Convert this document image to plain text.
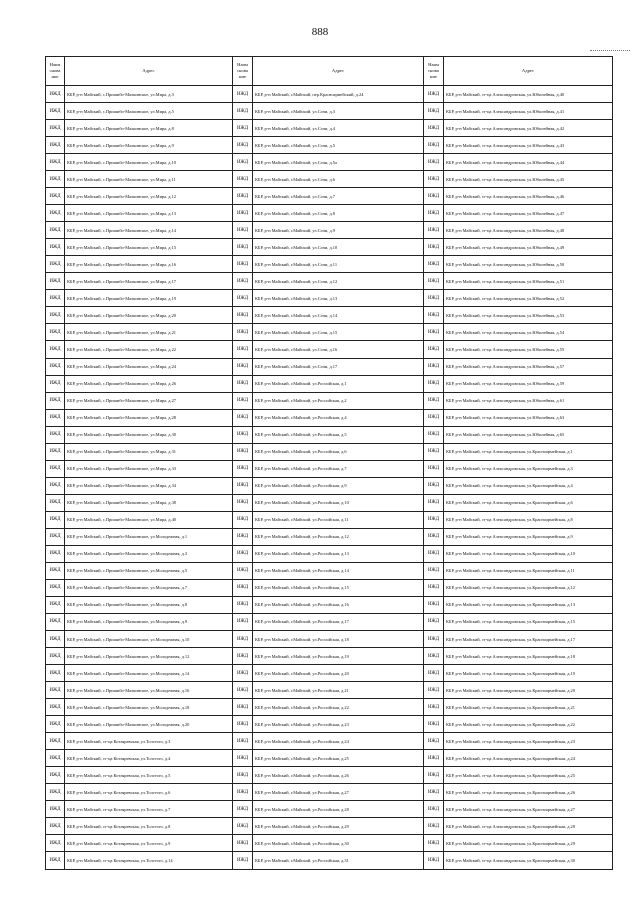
888
Наим снова ние	Адрес	Наим снова ние	Адрес	Наим снова ние	Адрес
ИЖД	КБР, р-н Майский, с.Пришибо-Малкинское, ул.Мира, д.3	ИЖД	КБР, р-н Майский, г.Майский, пер.Красноармейский, д.24	ИЖД	КБР, р-н Майский, ст-ца Александровская, ул.Юбилейная, д.40
ИЖД	КБР, р-н Майский, с.Пришибо-Малкинское, ул.Мира, д.5	ИЖД	КБР, р-н Майский, г.Майский, ул.Сочи, д.3	ИЖД	КБР, р-н Майский, ст-ца Александровская, ул.Юбилейная, д.41
ИЖД	КБР, р-н Майский, с.Пришибо-Малкинское, ул.Мира, д.8	ИЖД	КБР, р-н Майский, г.Майский, ул.Сочи, д.4	ИЖД	КБР, р-н Майский, ст-ца Александровская, ул.Юбилейная, д.42
ИЖД	КБР, р-н Майский, с.Пришибо-Малкинское, ул.Мира, д.9	ИЖД	КБР, р-н Майский, г.Майский, ул.Сочи, д.5	ИЖД	КБР, р-н Майский, ст-ца Александровская, ул.Юбилейная, д.43
ИЖД	КБР, р-н Майский, с.Пришибо-Малкинское, ул.Мира, д.10	ИЖД	КБР, р-н Майский, г.Майский, ул.Сочи, д.5а	ИЖД	КБР, р-н Майский, ст-ца Александровская, ул.Юбилейная, д.44
ИЖД	КБР, р-н Майский, с.Пришибо-Малкинское, ул.Мира, д.11	ИЖД	КБР, р-н Майский, г.Майский, ул.Сочи, д.6	ИЖД	КБР, р-н Майский, ст-ца Александровская, ул.Юбилейная, д.45
ИЖД	КБР, р-н Майский, с.Пришибо-Малкинское, ул.Мира, д.12	ИЖД	КБР, р-н Майский, г.Майский, ул.Сочи, д.7	ИЖД	КБР, р-н Майский, ст-ца Александровская, ул.Юбилейная, д.46
ИЖД	КБР, р-н Майский, с.Пришибо-Малкинское, ул.Мира, д.13	ИЖД	КБР, р-н Майский, г.Майский, ул.Сочи, д.8	ИЖД	КБР, р-н Майский, ст-ца Александровская, ул.Юбилейная, д.47
ИЖД	КБР, р-н Майский, с.Пришибо-Малкинское, ул.Мира, д.14	ИЖД	КБР, р-н Майский, г.Майский, ул.Сочи, д.9	ИЖД	КБР, р-н Майский, ст-ца Александровская, ул.Юбилейная, д.48
ИЖД	КБР, р-н Майский, с.Пришибо-Малкинское, ул.Мира, д.15	ИЖД	КБР, р-н Майский, г.Майский, ул.Сочи, д.10	ИЖД	КБР, р-н Майский, ст-ца Александровская, ул.Юбилейная, д.49
ИЖД	КБР, р-н Майский, с.Пришибо-Малкинское, ул.Мира, д.16	ИЖД	КБР, р-н Майский, г.Майский, ул.Сочи, д.11	ИЖД	КБР, р-н Майский, ст-ца Александровская, ул.Юбилейная, д.50
ИЖД	КБР, р-н Майский, с.Пришибо-Малкинское, ул.Мира, д.17	ИЖД	КБР, р-н Майский, г.Майский, ул.Сочи, д.12	ИЖД	КБР, р-н Майский, ст-ца Александровская, ул.Юбилейная, д.51
ИЖД	КБР, р-н Майский, с.Пришибо-Малкинское, ул.Мира, д.19	ИЖД	КБР, р-н Майский, г.Майский, ул.Сочи, д.13	ИЖД	КБР, р-н Майский, ст-ца Александровская, ул.Юбилейная, д.52
ИЖД	КБР, р-н Майский, с.Пришибо-Малкинское, ул.Мира, д.20	ИЖД	КБР, р-н Майский, г.Майский, ул.Сочи, д.14	ИЖД	КБР, р-н Майский, ст-ца Александровская, ул.Юбилейная, д.53
ИЖД	КБР, р-н Майский, с.Пришибо-Малкинское, ул.Мира, д.21	ИЖД	КБР, р-н Майский, г.Майский, ул.Сочи, д.15	ИЖД	КБР, р-н Майский, ст-ца Александровская, ул.Юбилейная, д.54
ИЖД	КБР, р-н Майский, с.Пришибо-Малкинское, ул.Мира, д.22	ИЖД	КБР, р-н Майский, г.Майский, ул.Сочи, д.16	ИЖД	КБР, р-н Майский, ст-ца Александровская, ул.Юбилейная, д.55
ИЖД	КБР, р-н Майский, с.Пришибо-Малкинское, ул.Мира, д.24	ИЖД	КБР, р-н Майский, г.Майский, ул.Сочи, д.17	ИЖД	КБР, р-н Майский, ст-ца Александровская, ул.Юбилейная, д.57
ИЖД	КБР, р-н Майский, с.Пришибо-Малкинское, ул.Мира, д.26	ИЖД	КБР, р-н Майский, г.Майский, ул.Российская, д.1	ИЖД	КБР, р-н Майский, ст-ца Александровская, ул.Юбилейная, д.59
ИЖД	КБР, р-н Майский, с.Пришибо-Малкинское, ул.Мира, д.27	ИЖД	КБР, р-н Майский, г.Майский, ул.Российская, д.2	ИЖД	КБР, р-н Майский, ст-ца Александровская, ул.Юбилейная, д.61
ИЖД	КБР, р-н Майский, с.Пришибо-Малкинское, ул.Мира, д.28	ИЖД	КБР, р-н Майский, г.Майский, ул.Российская, д.4	ИЖД	КБР, р-н Майский, ст-ца Александровская, ул.Юбилейная, д.63
ИЖД	КБР, р-н Майский, с.Пришибо-Малкинское, ул.Мира, д.30	ИЖД	КБР, р-н Майский, г.Майский, ул.Российская, д.5	ИЖД	КБР, р-н Майский, ст-ца Александровская, ул.Юбилейная, д.65
ИЖД	КБР, р-н Майский, с.Пришибо-Малкинское, ул.Мира, д.31	ИЖД	КБР, р-н Майский, г.Майский, ул.Российская, д.6	ИЖД	КБР, р-н Майский, ст-ца Александровская, ул.Красноармейская, д.1
ИЖД	КБР, р-н Майский, с.Пришибо-Малкинское, ул.Мира, д.33	ИЖД	КБР, р-н Майский, г.Майский, ул.Российская, д.7	ИЖД	КБР, р-н Майский, ст-ца Александровская, ул.Красноармейская, д.3
ИЖД	КБР, р-н Майский, с.Пришибо-Малкинское, ул.Мира, д.34	ИЖД	КБР, р-н Майский, г.Майский, ул.Российская, д.9	ИЖД	КБР, р-н Майский, ст-ца Александровская, ул.Красноармейская, д.4
ИЖД	КБР, р-н Майский, с.Пришибо-Малкинское, ул.Мира, д.38	ИЖД	КБР, р-н Майский, г.Майский, ул.Российская, д.10	ИЖД	КБР, р-н Майский, ст-ца Александровская, ул.Красноармейская, д.6
ИЖД	КБР, р-н Майский, с.Пришибо-Малкинское, ул.Мира, д.40	ИЖД	КБР, р-н Майский, г.Майский, ул.Российская, д.11	ИЖД	КБР, р-н Майский, ст-ца Александровская, ул.Красноармейская, д.8
ИЖД	КБР, р-н Майский, с.Пришибо-Малкинское, ул.Молодежная, д.1	ИЖД	КБР, р-н Майский, г.Майский, ул.Российская, д.12	ИЖД	КБР, р-н Майский, ст-ца Александровская, ул.Красноармейская, д.9
ИЖД	КБР, р-н Майский, с.Пришибо-Малкинское, ул.Молодежная, д.3	ИЖД	КБР, р-н Майский, г.Майский, ул.Российская, д.13	ИЖД	КБР, р-н Майский, ст-ца Александровская, ул.Красноармейская, д.10
ИЖД	КБР, р-н Майский, с.Пришибо-Малкинское, ул.Молодежная, д.5	ИЖД	КБР, р-н Майский, г.Майский, ул.Российская, д.14	ИЖД	КБР, р-н Майский, ст-ца Александровская, ул.Красноармейская, д.11
ИЖД	КБР, р-н Майский, с.Пришибо-Малкинское, ул.Молодежная, д.7	ИЖД	КБР, р-н Майский, г.Майский, ул.Российская, д.15	ИЖД	КБР, р-н Майский, ст-ца Александровская, ул.Красноармейская, д.12
ИЖД	КБР, р-н Майский, с.Пришибо-Малкинское, ул.Молодежная, д.8	ИЖД	КБР, р-н Майский, г.Майский, ул.Российская, д.16	ИЖД	КБР, р-н Майский, ст-ца Александровская, ул.Красноармейская, д.13
ИЖД	КБР, р-н Майский, с.Пришибо-Малкинское, ул.Молодежная, д.9	ИЖД	КБР, р-н Майский, г.Майский, ул.Российская, д.17	ИЖД	КБР, р-н Майский, ст-ца Александровская, ул.Красноармейская, д.15
ИЖД	КБР, р-н Майский, с.Пришибо-Малкинское, ул.Молодежная, д.10	ИЖД	КБР, р-н Майский, г.Майский, ул.Российская, д.18	ИЖД	КБР, р-н Майский, ст-ца Александровская, ул.Красноармейская, д.17
ИЖД	КБР, р-н Майский, с.Пришибо-Малкинское, ул.Молодежная, д.12	ИЖД	КБР, р-н Майский, г.Майский, ул.Российская, д.19	ИЖД	КБР, р-н Майский, ст-ца Александровская, ул.Красноармейская, д.18
ИЖД	КБР, р-н Майский, с.Пришибо-Малкинское, ул.Молодежная, д.14	ИЖД	КБР, р-н Майский, г.Майский, ул.Российская, д.20	ИЖД	КБР, р-н Майский, ст-ца Александровская, ул.Красноармейская, д.19
ИЖД	КБР, р-н Майский, с.Пришибо-Малкинское, ул.Молодежная, д.16	ИЖД	КБР, р-н Майский, г.Майский, ул.Российская, д.21	ИЖД	КБР, р-н Майский, ст-ца Александровская, ул.Красноармейская, д.20
ИЖД	КБР, р-н Майский, с.Пришибо-Малкинское, ул.Молодежная, д.18	ИЖД	КБР, р-н Майский, г.Майский, ул.Российская, д.22	ИЖД	КБР, р-н Майский, ст-ца Александровская, ул.Красноармейская, д.21
ИЖД	КБР, р-н Майский, с.Пришибо-Малкинское, ул.Молодежная, д.20	ИЖД	КБР, р-н Майский, г.Майский, ул.Российская, д.23	ИЖД	КБР, р-н Майский, ст-ца Александровская, ул.Красноармейская, д.22
ИЖД	КБР, р-н Майский, ст-ца Котляревская, ул.Толстого, д.3	ИЖД	КБР, р-н Майский, г.Майский, ул.Российская, д.24	ИЖД	КБР, р-н Майский, ст-ца Александровская, ул.Красноармейская, д.23
ИЖД	КБР, р-н Майский, ст-ца Котляревская, ул.Толстого, д.4	ИЖД	КБР, р-н Майский, г.Майский, ул.Российская, д.25	ИЖД	КБР, р-н Майский, ст-ца Александровская, ул.Красноармейская, д.24
ИЖД	КБР, р-н Майский, ст-ца Котляревская, ул.Толстого, д.5	ИЖД	КБР, р-н Майский, г.Майский, ул.Российская, д.26	ИЖД	КБР, р-н Майский, ст-ца Александровская, ул.Красноармейская, д.25
ИЖД	КБР, р-н Майский, ст-ца Котляревская, ул.Толстого, д.6	ИЖД	КБР, р-н Майский, г.Майский, ул.Российская, д.27	ИЖД	КБР, р-н Майский, ст-ца Александровская, ул.Красноармейская, д.26
ИЖД	КБР, р-н Майский, ст-ца Котляревская, ул.Толстого, д.7	ИЖД	КБР, р-н Майский, г.Майский, ул.Российская, д.28	ИЖД	КБР, р-н Майский, ст-ца Александровская, ул.Красноармейская, д.27
ИЖД	КБР, р-н Майский, ст-ца Котляревская, ул.Толстого, д.8	ИЖД	КБР, р-н Майский, г.Майский, ул.Российская, д.29	ИЖД	КБР, р-н Майский, ст-ца Александровская, ул.Красноармейская, д.28
ИЖД	КБР, р-н Майский, ст-ца Котляревская, ул.Толстого, д.9	ИЖД	КБР, р-н Майский, г.Майский, ул.Российская, д.30	ИЖД	КБР, р-н Майский, ст-ца Александровская, ул.Красноармейская, д.29
ИЖД	КБР, р-н Майский, ст-ца Котляревская, ул.Толстого, д.14	ИЖД	КБР, р-н Майский, г.Майский, ул.Российская, д.31	ИЖД	КБР, р-н Майский, ст-ца Александровская, ул.Красноармейская, д.30
